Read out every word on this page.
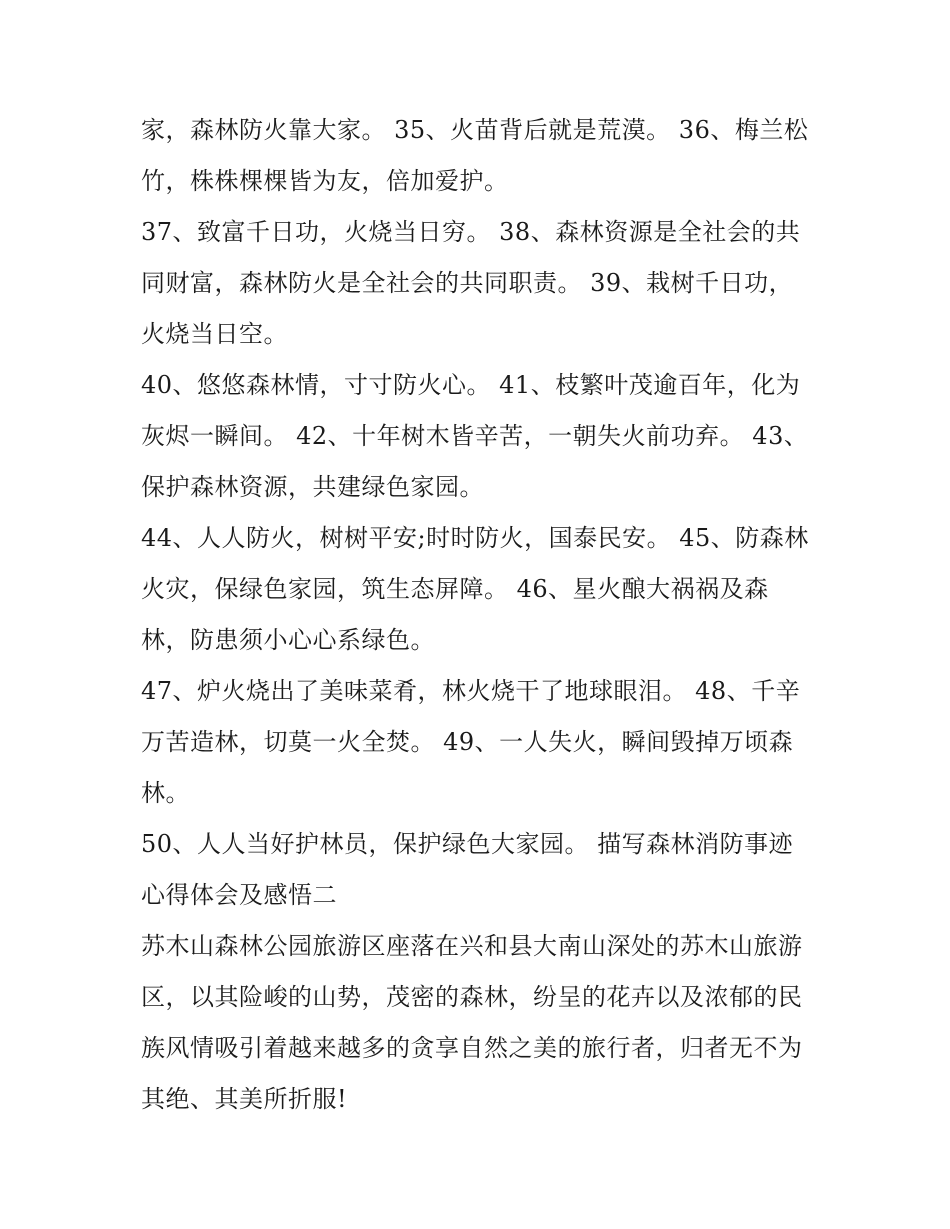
家，森林防火靠大家。 35、火苗背后就是荒漠。 36、梅兰松
竹，株株棵棵皆为友，倍加爱护。
37、致富千日功，火烧当日穷。 38、森林资源是全社会的共
同财富，森林防火是全社会的共同职责。 39、栽树千日功，
火烧当日空。
40、悠悠森林情，寸寸防火心。 41、枝繁叶茂逾百年，化为
灰烬一瞬间。 42、十年树木皆辛苦，一朝失火前功弃。 43、
保护森林资源，共建绿色家园。
44、人人防火，树树平安;时时防火，国泰民安。 45、防森林
火灾，保绿色家园，筑生态屏障。 46、星火酿大祸祸及森
林，防患须小心心系绿色。
47、炉火烧出了美味菜肴，林火烧干了地球眼泪。 48、千辛
万苦造林，切莫一火全焚。 49、一人失火，瞬间毁掉万顷森
林。
50、人人当好护林员，保护绿色大家园。 描写森林消防事迹
心得体会及感悟二
苏木山森林公园旅游区座落在兴和县大南山深处的苏木山旅游
区，以其险峻的山势，茂密的森林，纷呈的花卉以及浓郁的民
族风情吸引着越来越多的贪享自然之美的旅行者，归者无不为
其绝、其美所折服!
